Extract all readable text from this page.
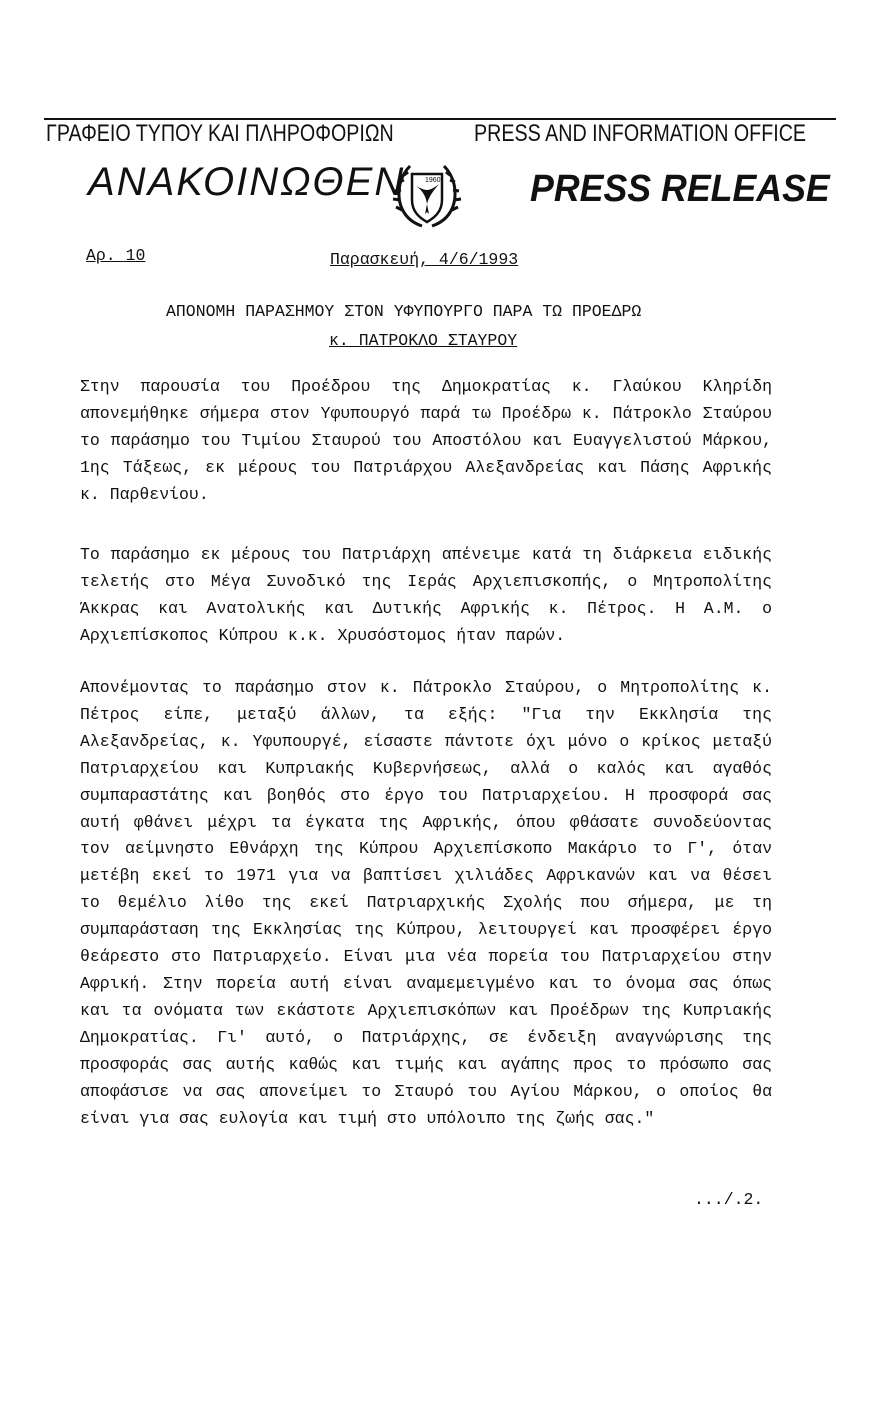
ΓΡΑΦΕΙΟ ΤΥΠΟΥ ΚΑΙ ΠΛΗΡΟΦΟΡΙΩΝ	PRESS AND INFORMATION OFFICE
ΑΝΑΚΟΙΝΩΘΕΝ	1960 PRESS RELEASE
Αρ. 10	Παρασκευή, 4/6/1993
ΑΠΟΝΟΜΗ ΠΑΡΑΣΗΜΟΥ ΣΤΟΝ ΥΦΥΠΟΥΡΓΟ ΠΑΡΑ ΤΩ ΠΡΟΕΔΡΩ
κ. ΠΑΤΡΟΚΛΟ ΣΤΑΥΡΟΥ
Στην παρουσία του Προέδρου της Δημοκρατίας κ. Γλαύκου Κληρίδη απονεμήθηκε σήμερα στον Υφυπουργό παρά τω Προέδρω κ. Πάτροκλο Σταύρου το παράσημο του Τιμίου Σταυρού του Αποστόλου και Ευαγγελιστού Μάρκου, 1ης Τάξεως, εκ μέρους του Πατριάρχου Αλεξανδρείας και Πάσης Αφρικής κ. Παρθενίου.
Το παράσημο εκ μέρους του Πατριάρχη απένειμε κατά τη διάρκεια ειδικής τελετής στο Μέγα Συνοδικό της Ιεράς Αρχιεπισκοπής, ο Μητροπολίτης Άκκρας και Ανατολικής και Δυτικής Αφρικής κ. Πέτρος. Η Α.Μ. ο Αρχιεπίσκοπος Κύπρου κ.κ. Χρυσόστομος ήταν παρών.
Απονέμοντας το παράσημο στον κ. Πάτροκλο Σταύρου, ο Μητροπολίτης κ. Πέτρος είπε, μεταξύ άλλων, τα εξής: "Για την Εκκλησία της Αλεξανδρείας, κ. Υφυπουργέ, είσαστε πάντοτε όχι μόνο ο κρίκος μεταξύ Πατριαρχείου και Κυπριακής Κυβερνήσεως, αλλά ο καλός και αγαθός συμπαραστάτης και βοηθός στο έργο του Πατριαρχείου. Η προσφορά σας αυτή φθάνει μέχρι τα έγκατα της Αφρικής, όπου φθάσατε συνοδεύοντας τον αείμνηστο Εθνάρχη της Κύπρου Αρχιεπίσκοπο Μακάριο το Γ', όταν μετέβη εκεί το 1971 για να βαπτίσει χιλιάδες Αφρικανών και να θέσει το θεμέλιο λίθο της εκεί Πατριαρχικής Σχολής που σήμερα, με τη συμπαράσταση της Εκκλησίας της Κύπρου, λειτουργεί και προσφέρει έργο θεάρεστο στο Πατριαρχείο. Είναι μια νέα πορεία του Πατριαρχείου στην Αφρική. Στην πορεία αυτή είναι αναμεμειγμένο και το όνομα σας όπως και τα ονόματα των εκάστοτε Αρχιεπισκόπων και Προέδρων της Κυπριακής Δημοκρατίας. Γι' αυτό, ο Πατριάρχης, σε ένδειξη αναγνώρισης της προσφοράς σας αυτής καθώς και τιμής και αγάπης προς το πρόσωπο σας αποφάσισε να σας απονείμει το Σταυρό του Αγίου Μάρκου, ο οποίος θα είναι για σας ευλογία και τιμή στο υπόλοιπο της ζωής σας."
.../.2.
